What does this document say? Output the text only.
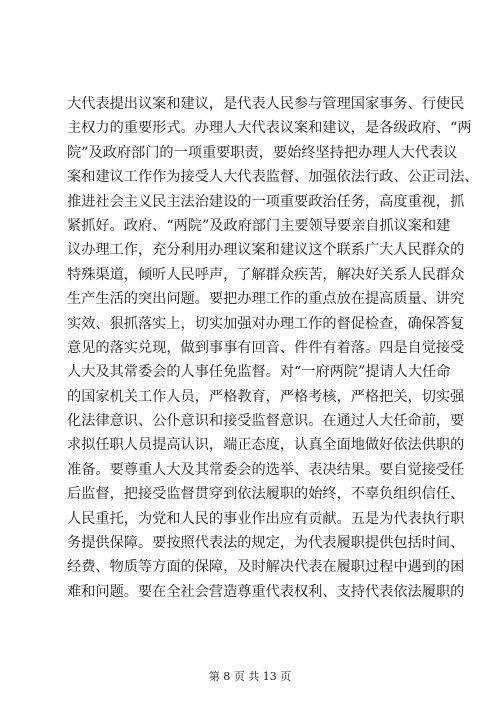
大代表提出议案和建议，是代表人民参与管理国家事务、行使民
主权力的重要形式。办理人大代表议案和建议，是各级政府、“两
院”及政府部门的一项重要职责，要始终坚持把办理人大代表议
案和建议工作作为接受人大代表监督、加强依法行政、公正司法、
推进社会主义民主法治建设的一项重要政治任务，高度重视，抓
紧抓好。政府、“两院”及政府部门主要领导要亲自抓议案和建
议办理工作，充分利用办理议案和建议这个联系广大人民群众的
特殊渠道，倾听人民呼声，了解群众疾苦，解决好关系人民群众
生产生活的突出问题。要把办理工作的重点放在提高质量、讲究
实效、狠抓落实上，切实加强对办理工作的督促检查，确保答复
意见的落实兑现，做到事事有回音、件件有着落。四是自觉接受
人大及其常委会的人事任免监督。对“一府两院”提请人大任命
的国家机关工作人员，严格教育，严格考核，严格把关，切实强
化法律意识、公仆意识和接受监督意识。在通过人大任命前，要
求拟任职人员提高认识，端正态度，认真全面地做好依法供职的
准备。要尊重人大及其常委会的选举、表决结果。要自觉接受任
后监督，把接受监督贯穿到依法履职的始终，不辜负组织信任、
人民重托，为党和人民的事业作出应有贡献。五是为代表执行职
务提供保障。要按照代表法的规定，为代表履职提供包括时间、
经费、物质等方面的保障，及时解决代表在履职过程中遇到的困
难和问题。要在全社会营造尊重代表权利、支持代表依法履职的
第 8 页 共 13 页
